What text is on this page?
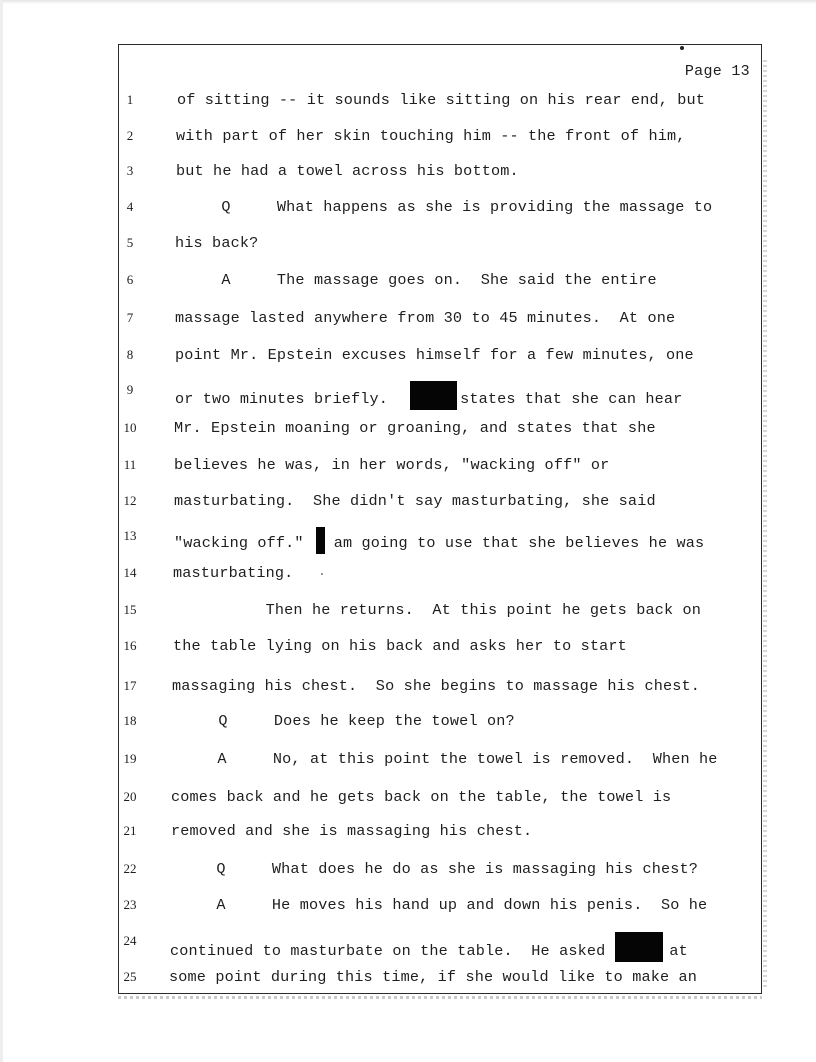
Page 13
1	of sitting -- it sounds like sitting on his rear end, but
2	with part of her skin touching him -- the front of him,
3	but he had a towel across his bottom.
4	Q     What happens as she is providing the massage to
5	his back?
6	A     The massage goes on.  She said the entire
7	massage lasted anywhere from 30 to 45 minutes.  At one
8	point Mr. Epstein excuses himself for a few minutes, one
9
or two minutes briefly.	states that she can hear
10	Mr. Epstein moaning or groaning, and states that she
11	believes he was, in her words, "wacking off" or
12	masturbating.  She didn't say masturbating, she said
13	"wacking off." am going to use that she believes he was
14	masturbating.
15	Then he returns.  At this point he gets back on
16	the table lying on his back and asks her to start
17	massaging his chest.  So she begins to massage his chest.
18	Q     Does he keep the towel on?
19	A     No, at this point the towel is removed.  When he
20	comes back and he gets back on the table, the towel is
21	removed and she is massaging his chest.
22	Q     What does he do as she is massaging his chest?
23	A     He moves his hand up and down his penis.  So he
24
continued to masturbate on the table.  He asked	at
25	some point during this time, if she would like to make an
